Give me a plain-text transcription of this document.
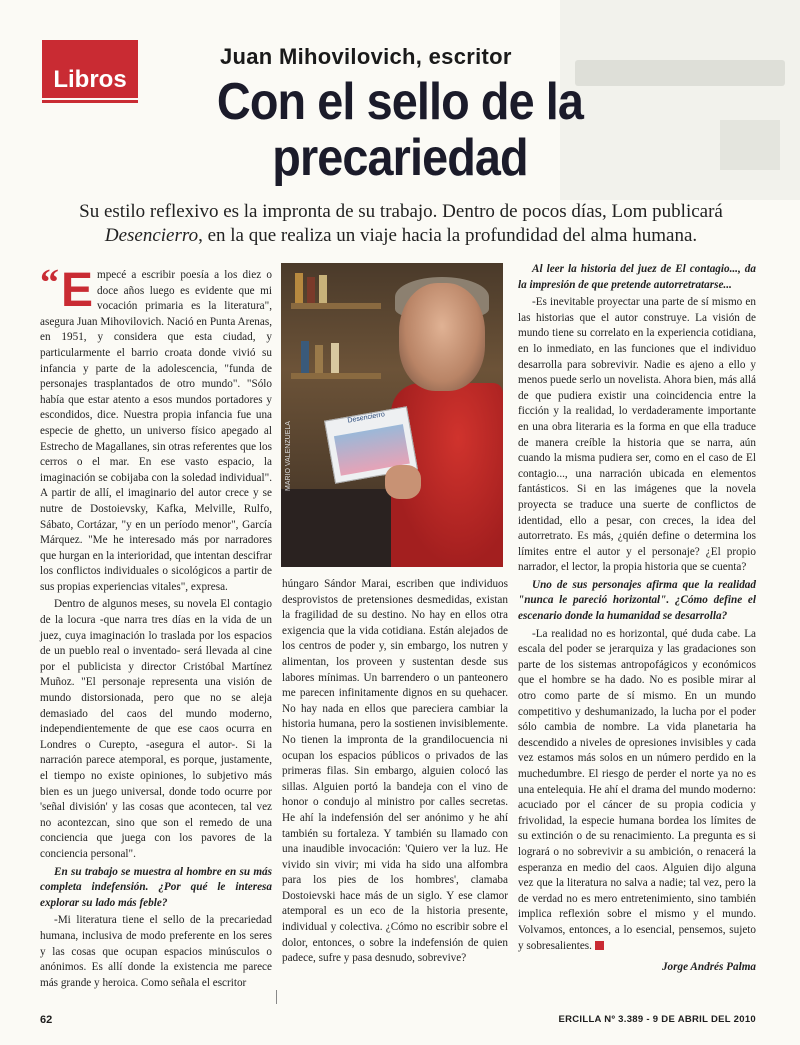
Libros
Juan Mihovilovich, escritor
Con el sello de la
precariedad
Su estilo reflexivo es la impronta de su trabajo. Dentro de pocos días, Lom publicará Desencierro, en la que realiza un viaje hacia la profundidad del alma humana.

“ E mpecé a escribir poesía a los diez o doce años luego es evidente que mi vocación primaria es la literatura", asegura Juan Mihovilovich. Nació en Punta Arenas, en 1951, y considera que esta ciudad, y particularmente el barrio croata donde vivió su infancia y parte de la adolescencia, "funda de personajes trasplantados de otro mundo". "Sólo había que estar atento a esos mundos portadores y escondidos, dice. Nuestra propia infancia fue una especie de ghetto, un universo físico apegado al Estrecho de Magallanes, sin otras referentes que los cerros o el mar. En ese vasto espacio, la imaginación se cobijaba con la soledad individual". A partir de allí, el imaginario del autor crece y se nutre de Dostoievsky, Kafka, Melville, Rulfo, Sábato, Cortázar, "y en un período menor", García Márquez. "Me he interesado más por narradores que hurgan en la interioridad, que intentan descifrar los conflictos individuales o sicológicos a partir de sus propias experiencias vitales", expresa.

Dentro de algunos meses, su novela El contagio de la locura -que narra tres días en la vida de un juez, cuya imaginación lo traslada por los espacios de un pueblo real o inventado- será llevada al cine por el publicista y director Cristóbal Martínez Muñoz. "El personaje representa una visión de mundo distorsionada, pero que no se aleja demasiado del caos del mundo moderno, independientemente de que ese caos ocurra en Londres o Curepto, -asegura el autor-. Si la narración parece atemporal, es porque, justamente, el tiempo no existe opiniones, lo subjetivo más bien es un juego universal, donde todo ocurre por 'señal división' y las cosas que acontecen, tal vez no acontezcan, sino que son el remedo de una conciencia que juega con los pavores de la conciencia personal".

En su trabajo se muestra al hombre en su más completa indefensión. ¿Por qué le interesa explorar su lado más feble?

-Mi literatura tiene el sello de la precariedad humana, inclusiva de modo preferente en los seres y las cosas que ocupan espacios minúsculos o anónimos. Es allí donde la existencia me parece más grande y heroica. Como señala el escritor

Desencierro
MARIO VALENZUELA

húngaro Sándor Marai, escriben que individuos desprovistos de pretensiones desmedidas, existan la fragilidad de su destino. No hay en ellos otra exigencia que la vida cotidiana. Están alejados de los centros de poder y, sin embargo, los nutren y alimentan, los proveen y sustentan desde sus labores mínimas. Un barrendero o un panteonero me parecen infinitamente dignos en su quehacer. No hay nada en ellos que pareciera cambiar la historia humana, pero la sostienen invisiblemente. No tienen la impronta de la grandilocuencia ni ocupan los espacios públicos o privados de las primeras filas. Sin embargo, alguien colocó las sillas. Alguien portó la bandeja con el vino de honor o condujo al ministro por calles secretas. He ahí la indefensión del ser anónimo y he ahí también su fortaleza. Y también su llamado con una inaudible invocación: 'Quiero ver la luz. He vivido sin vivir; mi vida ha sido una alfombra para los pies de los hombres', clamaba Dostoievski hace más de un siglo. Y ese clamor atemporal es un eco de la historia presente, individual y colectiva. ¿Cómo no escribir sobre el dolor, entonces, o sobre la indefensión de quien padece, sufre y pasa desnudo, sobrevive?

Al leer la historia del juez de El contagio..., da la impresión de que pretende autorretratarse...

-Es inevitable proyectar una parte de sí mismo en las historias que el autor construye. La visión de mundo tiene su correlato en la experiencia cotidiana, en lo inmediato, en las funciones que el individuo desarrolla para sobrevivir. Nadie es ajeno a ello y menos puede serlo un novelista. Ahora bien, más allá de que pudiera existir una coincidencia entre la ficción y la realidad, lo verdaderamente importante en una obra literaria es la forma en que ella traduce de manera creíble la historia que se narra, aún cuando la misma pudiera ser, como en el caso de El contagio..., una narración ubicada en elementos fantásticos. Si en las imágenes que la novela proyecta se traduce una suerte de conflictos de identidad, ello a pesar, con creces, la idea del autorretrato. Es más, ¿quién define o determina los límites entre el autor y el personaje? ¿El propio narrador, el lector, la propia historia que se cuenta?

Uno de sus personajes afirma que la realidad "nunca le pareció horizontal". ¿Cómo define el escenario donde la humanidad se desarrolla?

-La realidad no es horizontal, qué duda cabe. La escala del poder se jerarquiza y las gradaciones son parte de los sistemas antropofágicos y económicos que el hombre se ha dado. No es posible mirar al otro como parte de sí mismo. En un mundo competitivo y deshumanizado, la lucha por el poder sólo cambia de nombre. La vida planetaria ha descendido a niveles de opresiones invisibles y cada vez estamos más solos en un número perdido en la muchedumbre. El riesgo de perder el norte ya no es una entelequia. He ahí el drama del mundo moderno: acuciado por el cáncer de su propia codicia y frivolidad, la especie humana bordea los límites de su extinción o de su renacimiento. La pregunta es si logrará o no sobrevivir a su ambición, o renacerá la esperanza en medio del caos. Alguien dijo alguna vez que la literatura no salva a nadie; tal vez, pero la de verdad no es mero entretenimiento, sino también implica reflexión sobre el mismo y el mundo. Volvamos, entonces, a lo esencial, pensemos, sujeto y sobresalientes.

Jorge Andrés Palma
62	ERCILLA Nº 3.389 - 9 DE ABRIL DEL 2010
